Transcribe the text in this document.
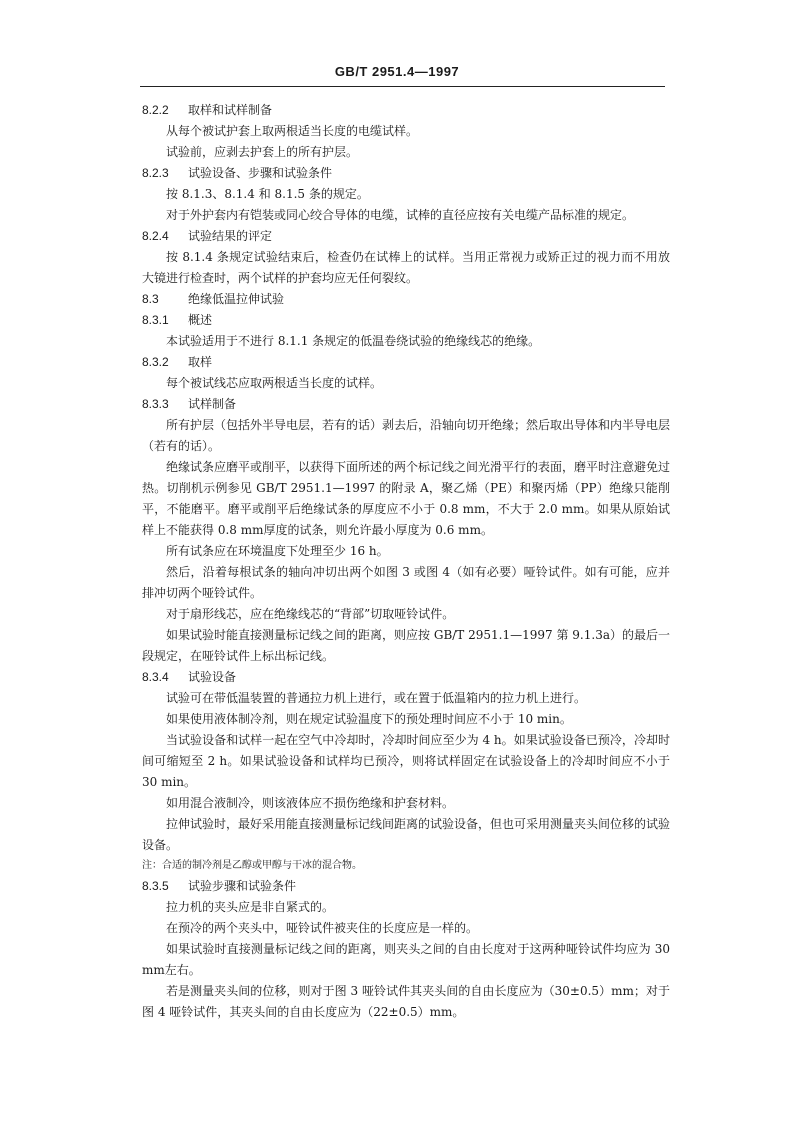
GB/T 2951.4—1997
8.2.2 取样和试样制备

从每个被试护套上取两根适当长度的电缆试样。

试验前，应剥去护套上的所有护层。

8.2.3 试验设备、步骤和试验条件

按 8.1.3、8.1.4 和 8.1.5 条的规定。

对于外护套内有铠装或同心绞合导体的电缆，试棒的直径应按有关电缆产品标准的规定。

8.2.4 试验结果的评定

按 8.1.4 条规定试验结束后，检查仍在试棒上的试样。当用正常视力或矫正过的视力而不用放大镜进行检查时，两个试样的护套均应无任何裂纹。

8.3 绝缘低温拉伸试验
8.3.1 概述

本试验适用于不进行 8.1.1 条规定的低温卷绕试验的绝缘线芯的绝缘。

8.3.2 取样

每个被试线芯应取两根适当长度的试样。

8.3.3 试样制备

所有护层（包括外半导电层，若有的话）剥去后，沿轴向切开绝缘；然后取出导体和内半导电层（若有的话）。

绝缘试条应磨平或削平，以获得下面所述的两个标记线之间光滑平行的表面，磨平时注意避免过热。切削机示例参见 GB/T 2951.1—1997 的附录 A，聚乙烯（PE）和聚丙烯（PP）绝缘只能削平，不能磨平。磨平或削平后绝缘试条的厚度应不小于 0.8 mm，不大于 2.0 mm。如果从原始试样上不能获得 0.8 mm厚度的试条，则允许最小厚度为 0.6 mm。

所有试条应在环境温度下处理至少 16 h。

然后，沿着每根试条的轴向冲切出两个如图 3 或图 4（如有必要）哑铃试件。如有可能，应并排冲切两个哑铃试件。

对于扇形线芯，应在绝缘线芯的“背部”切取哑铃试件。

如果试验时能直接测量标记线之间的距离，则应按 GB/T 2951.1—1997 第 9.1.3a）的最后一段规定，在哑铃试件上标出标记线。

8.3.4 试验设备

试验可在带低温装置的普通拉力机上进行，或在置于低温箱内的拉力机上进行。

如果使用液体制冷剂，则在规定试验温度下的预处理时间应不小于 10 min。

当试验设备和试样一起在空气中冷却时，冷却时间应至少为 4 h。如果试验设备已预冷，冷却时间可缩短至 2 h。如果试验设备和试样均已预冷，则将试样固定在试验设备上的冷却时间应不小于30 min。

如用混合液制冷，则该液体应不损伤绝缘和护套材料。

拉伸试验时，最好采用能直接测量标记线间距离的试验设备，但也可采用测量夹头间位移的试验设备。

注：合适的制冷剂是乙醇或甲醇与干冰的混合物。

8.3.5 试验步骤和试验条件

拉力机的夹头应是非自紧式的。

在预冷的两个夹头中，哑铃试件被夹住的长度应是一样的。

如果试验时直接测量标记线之间的距离，则夹头之间的自由长度对于这两种哑铃试件均应为 30 mm左右。

若是测量夹头间的位移，则对于图 3 哑铃试件其夹头间的自由长度应为（30±0.5）mm；对于图 4 哑铃试件，其夹头间的自由长度应为（22±0.5）mm。
